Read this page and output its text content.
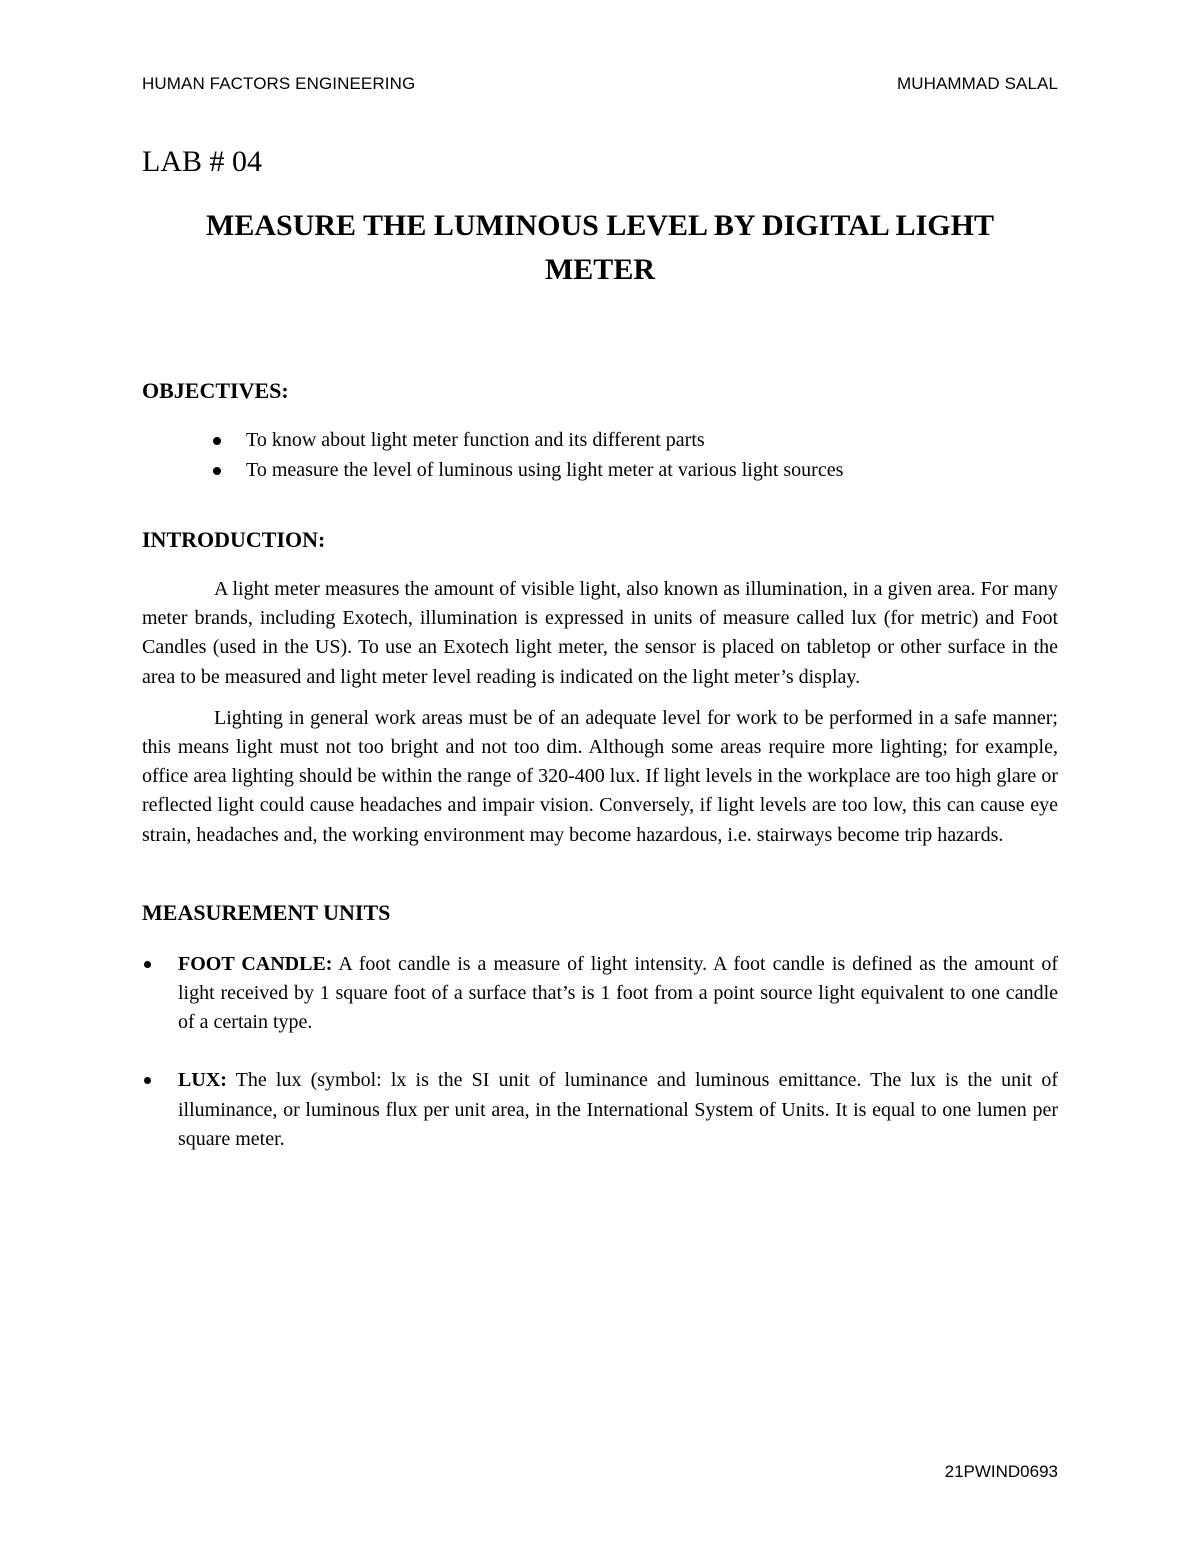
HUMAN FACTORS ENGINEERING	MUHAMMAD SALAL
LAB # 04
MEASURE THE LUMINOUS LEVEL BY DIGITAL LIGHT METER
OBJECTIVES:
To know about light meter function and its different parts
To measure the level of luminous using light meter at various light sources
INTRODUCTION:

A light meter measures the amount of visible light, also known as illumination, in a given area. For many meter brands, including Exotech, illumination is expressed in units of measure called lux (for metric) and Foot Candles (used in the US). To use an Exotech light meter, the sensor is placed on tabletop or other surface in the area to be measured and light meter level reading is indicated on the light meter’s display.

Lighting in general work areas must be of an adequate level for work to be performed in a safe manner; this means light must not too bright and not too dim. Although some areas require more lighting; for example, office area lighting should be within the range of 320-400 lux. If light levels in the workplace are too high glare or reflected light could cause headaches and impair vision. Conversely, if light levels are too low, this can cause eye strain, headaches and, the working environment may become hazardous, i.e. stairways become trip hazards.

MEASUREMENT UNITS
FOOT CANDLE: A foot candle is a measure of light intensity. A foot candle is defined as the amount of light received by 1 square foot of a surface that’s is 1 foot from a point source light equivalent to one candle of a certain type.
LUX: The lux (symbol: lx is the SI unit of luminance and luminous emittance. The lux is the unit of illuminance, or luminous flux per unit area, in the International System of Units. It is equal to one lumen per square meter.
21PWIND0693
